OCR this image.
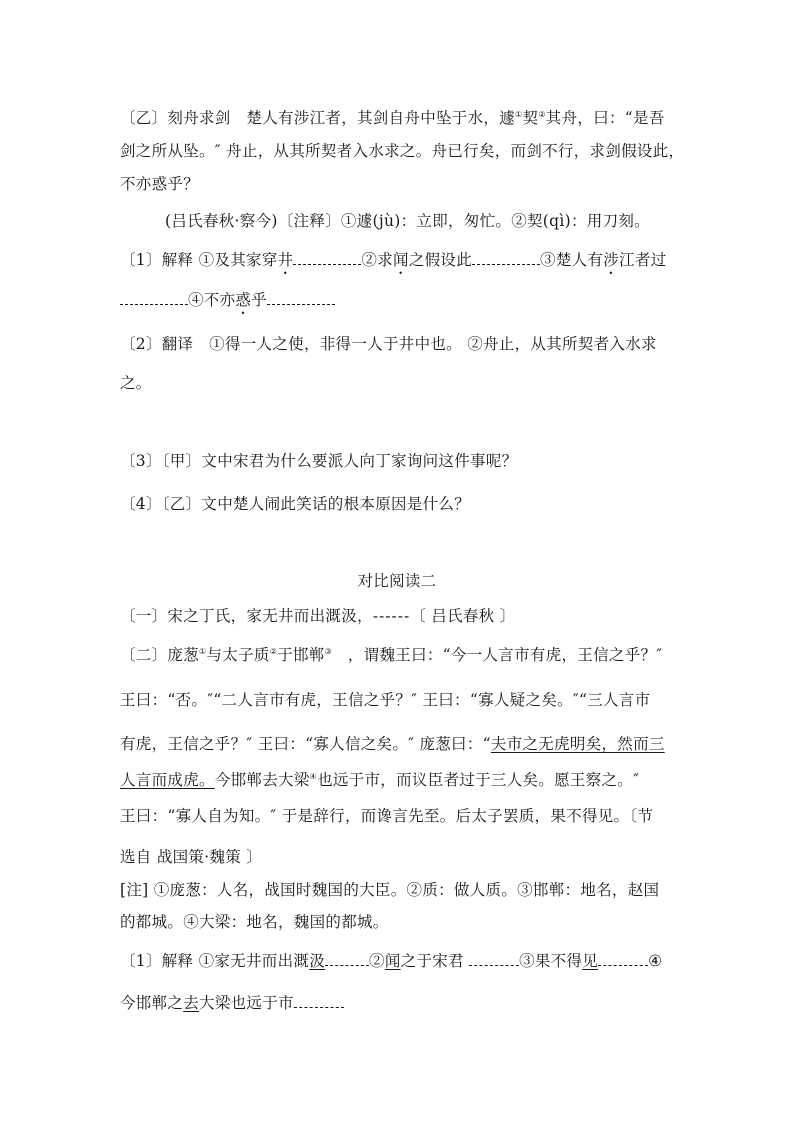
〔乙〕刻舟求剑　楚人有涉江者，其剑自舟中坠于水，遽①契②其舟，曰：“是吾
剑之所从坠。″ 舟止，从其所契者入水求之。舟已行矣，而剑不行，求剑假设此，
不亦惑乎？
(吕氏春秋·察今)〔注释〕①遽(jù)：立即，匆忙。②契(qì)：用刀刻。
〔1〕解释 ①及其家穿井	②求闻之假设此	③楚人有涉江者过
④不亦惑乎
〔2〕翻译　①得一人之使，非得一人于井中也。 ②舟止，从其所契者入水求
之。
〔3〕〔甲〕文中宋君为什么要派人向丁家询问这件事呢？
〔4〕〔乙〕文中楚人闹此笑话的根本原因是什么？
对比阅读二
〔一〕宋之丁氏，家无井而出溉汲，------〔 吕氏春秋 〕
〔二〕庞葱①与太子质②于邯郸③　，谓魏王曰：“今一人言市有虎，王信之乎？″
王曰：“否。″“二人言市有虎，王信之乎？″ 王曰：“寡人疑之矣。″“三人言市
有虎，王信之乎？″ 王曰：“寡人信之矣。″ 庞葱曰：“夫市之无虎明矣，然而三
人言而成虎。今邯郸去大梁④也远于市，而议臣者过于三人矣。愿王察之。″
王曰：“寡人自为知。″ 于是辞行，而谗言先至。后太子罢质，果不得见。〔节
选自 战国策·魏策 〕
[注] ①庞葱：人名，战国时魏国的大臣。②质：做人质。③邯郸：地名，赵国
的都城。④大梁：地名，魏国的都城。
〔1〕解释 ①家无井而出溉汲	②闻之于宋君	③果不得见	④
今邯郸之去大梁也远于市
